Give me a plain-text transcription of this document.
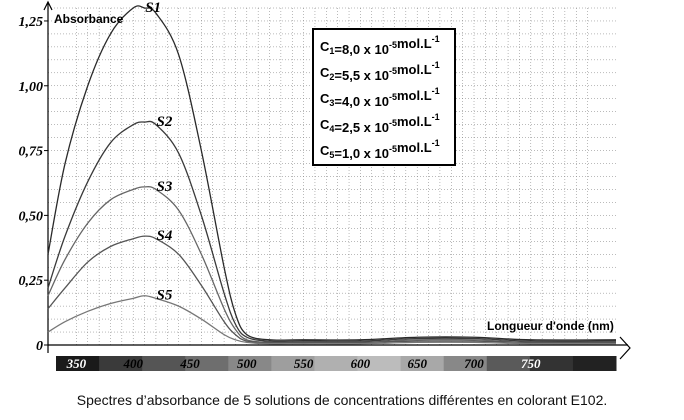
0
0,25
0,50
0,75
1,00
1,25
350	400	450	500	550	600	650	700	750
S1
S2
S3
S4
S5
Absorbance
Longueur d'onde (nm)
$C_1=8,0$ x $10^{-5}mol.L^{-1}$
$C_2=5,5$ x $10^{-5}mol.L^{-1}$
$C_3=4,0$ x $10^{-5}mol.L^{-1}$
$C_4=2,5$ x $10^{-5}mol.L^{-1}$
$C_5=1,0$ x $10^{-5}mol.L^{-1}$
Spectres d’absorbance de 5 solutions de concentrations différentes en colorant E102.
